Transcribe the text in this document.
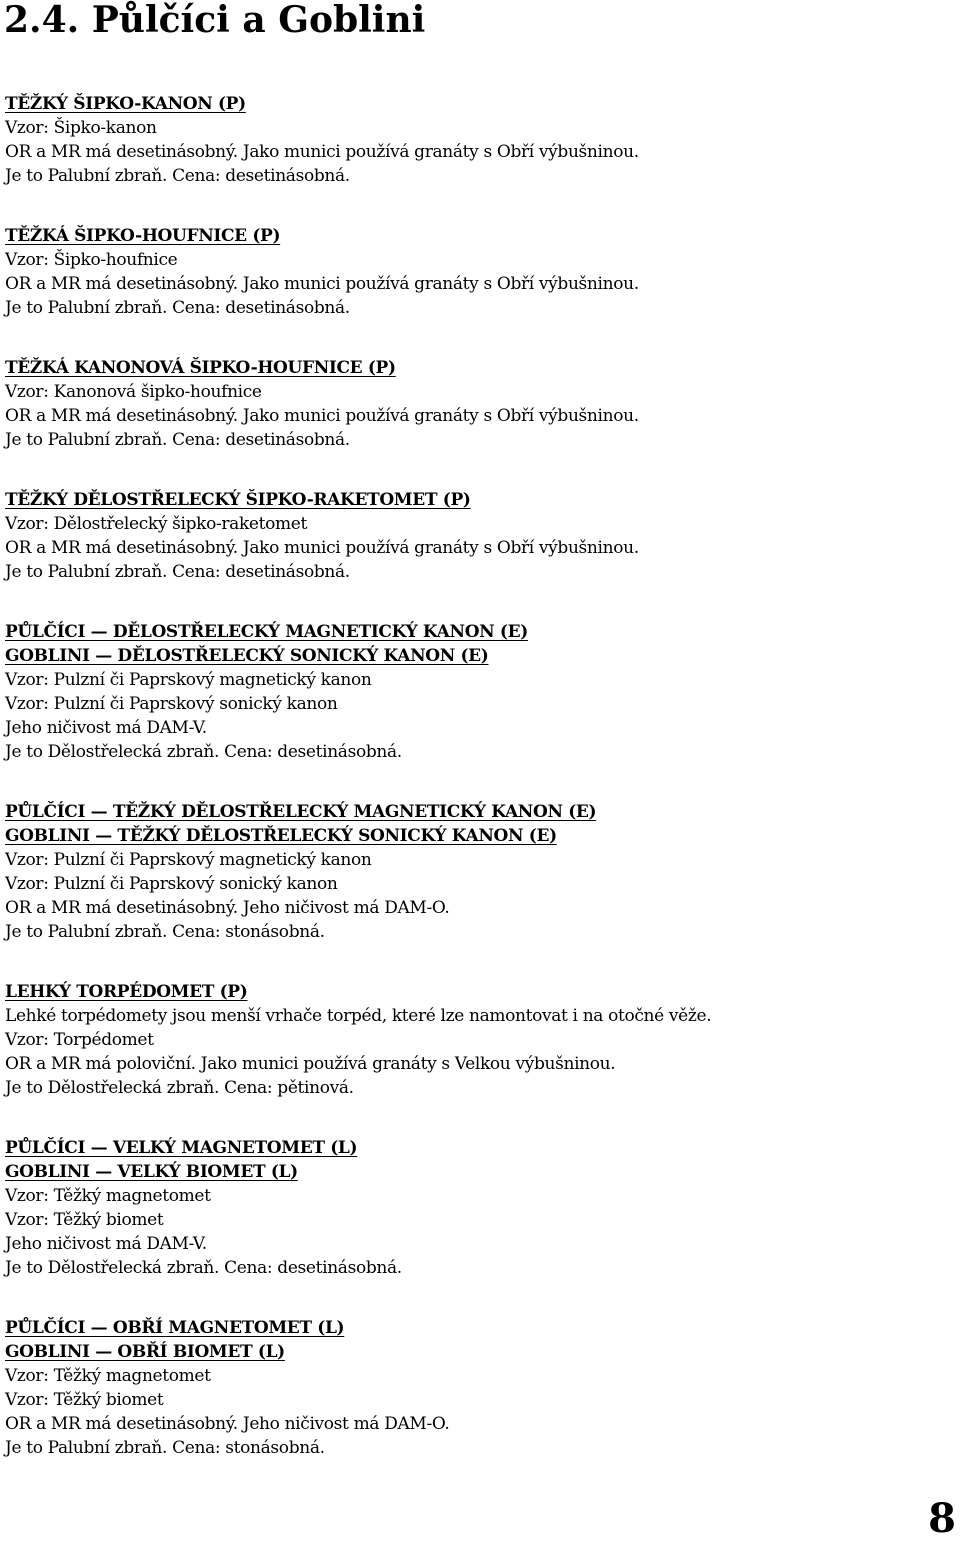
2.4. Půlčíci a Goblini
TĚŽKÝ ŠIPKO-KANON (P)
Vzor: Šipko-kanon
OR a MR má desetinásobný. Jako munici používá granáty s Obří výbušninou.
Je to Palubní zbraň. Cena: desetinásobná.
TĚŽKÁ ŠIPKO-HOUFNICE (P)
Vzor: Šipko-houfnice
OR a MR má desetinásobný. Jako munici používá granáty s Obří výbušninou.
Je to Palubní zbraň. Cena: desetinásobná.
TĚŽKÁ KANONOVÁ ŠIPKO-HOUFNICE (P)
Vzor: Kanonová šipko-houfnice
OR a MR má desetinásobný. Jako munici používá granáty s Obří výbušninou.
Je to Palubní zbraň. Cena: desetinásobná.
TĚŽKÝ DĚLOSTŘELECKÝ ŠIPKO-RAKETOMET (P)
Vzor: Dělostřelecký šipko-raketomet
OR a MR má desetinásobný. Jako munici používá granáty s Obří výbušninou.
Je to Palubní zbraň. Cena: desetinásobná.
PŮLČÍCI — DĚLOSTŘELECKÝ MAGNETICKÝ KANON (E)
GOBLINI — DĚLOSTŘELECKÝ SONICKÝ KANON (E)
Vzor: Pulzní či Paprskový magnetický kanon
Vzor: Pulzní či Paprskový sonický kanon
Jeho ničivost má DAM-V.
Je to Dělostřelecká zbraň. Cena: desetinásobná.
PŮLČÍCI — TĚŽKÝ DĚLOSTŘELECKÝ MAGNETICKÝ KANON (E)
GOBLINI — TĚŽKÝ DĚLOSTŘELECKÝ SONICKÝ KANON (E)
Vzor: Pulzní či Paprskový magnetický kanon
Vzor: Pulzní či Paprskový sonický kanon
OR a MR má desetinásobný. Jeho ničivost má DAM-O.
Je to Palubní zbraň. Cena: stonásobná.
LEHKÝ TORPÉDOMET (P)
Lehké torpédomety jsou menší vrhače torpéd, které lze namontovat i na otočné věže.
Vzor: Torpédomet
OR a MR má poloviční. Jako munici používá granáty s Velkou výbušninou.
Je to Dělostřelecká zbraň. Cena: pětinová.
PŮLČÍCI — VELKÝ MAGNETOMET (L)
GOBLINI — VELKÝ BIOMET (L)
Vzor: Těžký magnetomet
Vzor: Těžký biomet
Jeho ničivost má DAM-V.
Je to Dělostřelecká zbraň. Cena: desetinásobná.
PŮLČÍCI — OBŘÍ MAGNETOMET (L)
GOBLINI — OBŘÍ BIOMET (L)
Vzor: Těžký magnetomet
Vzor: Těžký biomet
OR a MR má desetinásobný. Jeho ničivost má DAM-O.
Je to Palubní zbraň. Cena: stonásobná.
8
